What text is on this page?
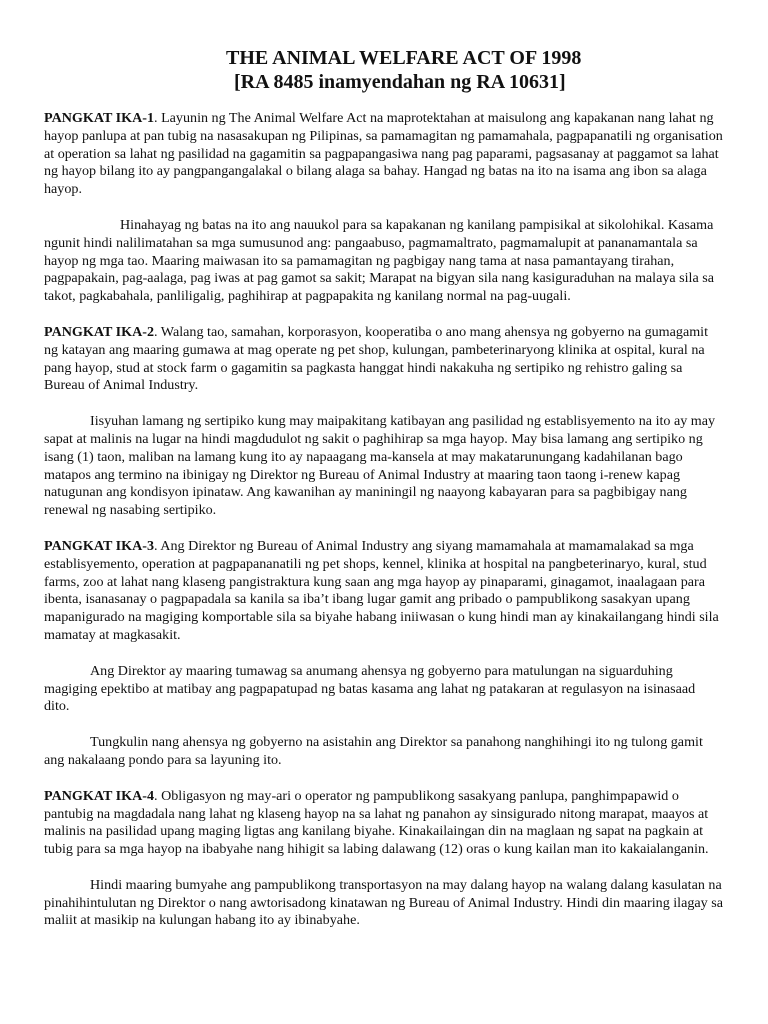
THE ANIMAL WELFARE ACT OF 1998
[RA 8485 inamyendahan ng RA 10631]

PANGKAT IKA-1. Layunin ng The Animal Welfare Act na maprotektahan at maisulong ang kapakanan nang lahat ng hayop panlupa at pan tubig na nasasakupan ng Pilipinas, sa pamamagitan ng pamamahala, pagpapanatili ng organisation at operation sa lahat ng pasilidad na gagamitin sa pagpapangasiwa nang pag paparami, pagsasanay at paggamot sa lahat ng hayop bilang ito ay pangpangangalakal o bilang alaga sa bahay. Hangad ng batas na ito na isama ang ibon sa alaga hayop.

Hinahayag ng batas na ito ang nauukol para sa kapakanan ng kanilang pampisikal at sikolohikal. Kasama ngunit hindi nalilimatahan sa mga sumusunod ang: pangaabuso, pagmamaltrato, pagmamalupit at pananamantala sa hayop ng mga tao. Maaring maiwasan ito sa pamamagitan ng pagbigay nang tama at nasa pamantayang tirahan, pagpapakain, pag-aalaga, pag iwas at pag gamot sa sakit; Marapat na bigyan sila nang kasiguraduhan na malaya sila sa takot, pagkabahala, panliligalig, paghihirap at pagpapakita ng kanilang normal na pag-uugali.

PANGKAT IKA-2. Walang tao, samahan, korporasyon, kooperatiba o ano mang ahensya ng gobyerno na gumagamit ng katayan ang maaring gumawa at mag operate ng pet shop, kulungan, pambeterinaryong klinika at ospital, kural na pang hayop, stud at stock farm o gagamitin sa pagkasta hanggat hindi nakakuha ng sertipiko ng rehistro galing sa Bureau of Animal Industry.

Iisyuhan lamang ng sertipiko kung may maipakitang katibayan ang pasilidad ng establisyemento na ito ay may sapat at malinis na lugar na hindi magdudulot ng sakit o paghihirap sa mga hayop. May bisa lamang ang sertipiko ng isang (1) taon, maliban na lamang kung ito ay napaagang ma-kansela at may makatarunungang kadahilanan bago matapos ang termino na ibinigay ng Direktor ng Bureau of Animal Industry at maaring taon taong i-renew kapag natugunan ang kondisyon ipinataw. Ang kawanihan ay maniningil ng naayong kabayaran para sa pagbibigay nang renewal ng nasabing sertipiko.

PANGKAT IKA-3. Ang Direktor ng Bureau of Animal Industry ang siyang mamamahala at mamamalakad sa mga establisyemento, operation at pagpapananatili ng pet shops, kennel, klinika at hospital na pangbeterinaryo, kural, stud farms, zoo at lahat nang klaseng pangistraktura kung saan ang mga hayop ay pinaparami, ginagamot, inaalagaan para ibenta, isanasanay o pagpapadala sa kanila sa iba’t ibang lugar gamit ang pribado o pampublikong sasakyan upang mapanigurado na magiging komportable sila sa biyahe habang iniiwasan o kung hindi man ay kinakailangang hindi sila mamatay at magkasakit.

Ang Direktor ay maaring tumawag sa anumang ahensya ng gobyerno para matulungan na siguarduhing magiging epektibo at matibay ang pagpapatupad ng batas kasama ang lahat ng patakaran at regulasyon na isinasaad dito.

Tungkulin nang ahensya ng gobyerno na asistahin ang Direktor sa panahong nanghihingi ito ng tulong gamit ang nakalaang pondo para sa layuning ito.

PANGKAT IKA-4. Obligasyon ng may-ari o operator ng pampublikong sasakyang panlupa, panghimpapawid o pantubig na magdadala nang lahat ng klaseng hayop na sa lahat ng panahon ay sinsigurado nitong marapat, maayos at malinis na pasilidad upang maging ligtas ang kanilang biyahe. Kinakailaingan din na maglaan ng sapat na pagkain at tubig para sa mga hayop na ibabyahe nang hihigit sa labing dalawang (12) oras o kung kailan man ito kakaialanganin.

Hindi maaring bumyahe ang pampublikong transportasyon na may dalang hayop na walang dalang kasulatan na pinahihintulutan ng Direktor o nang awtorisadong kinatawan ng Bureau of Animal Industry. Hindi din maaring ilagay sa maliit at masikip na kulungan habang ito ay ibinabyahe.
